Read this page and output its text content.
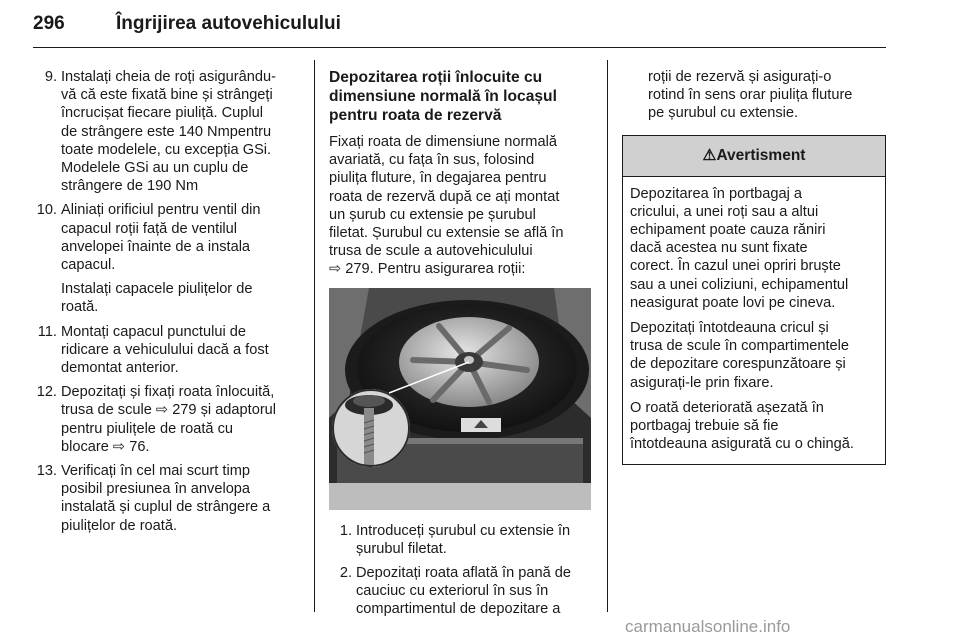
296	Îngrijirea autovehiculului
9. Instalați cheia de roți asigurându-
vă că este fixată bine și strângeți
încrucișat fiecare piuliță. Cuplul
de strângere este 140 Nmpentru
toate modelele, cu excepția GSi.
Modelele GSi au un cuplu de
strângere de 190 Nm
10. Aliniați orificiul pentru ventil din
capacul roții față de ventilul
anvelopei înainte de a instala
capacul.
Instalați capacele piulițelor de
roată.
11. Montați capacul punctului de
ridicare a vehiculului dacă a fost
demontat anterior.
12. Depozitați și fixați roata înlocuită,
trusa de scule ⇨ 279 și adaptorul
pentru piulițele de roată cu
blocare ⇨ 76.
13. Verificați în cel mai scurt timp
posibil presiunea în anvelopa
instalată și cuplul de strângere a
piulițelor de roată.
Depozitarea roții înlocuite cu
dimensiune normală în locașul
pentru roata de rezervă

Fixați roata de dimensiune normală
avariată, cu fața în sus, folosind
piulița fluture, în degajarea pentru
roata de rezervă după ce ați montat
un șurub cu extensie pe șurubul
filetat. Șurubul cu extensie se află în
trusa de scule a autovehiculului
⇨ 279. Pentru asigurarea roții:

1. Introduceți șurubul cu extensie în
șurubul filetat.
2. Depozitați roata aflată în pană de
cauciuc cu exteriorul în sus în
compartimentul de depozitare a

roții de rezervă și asigurați-o
rotind în sens orar piulița fluture
pe șurubul cu extensie.

⚠ Avertisment

Depozitarea în portbagaj a
cricului, a unei roți sau a altui
echipament poate cauza răniri
dacă acestea nu sunt fixate
corect. În cazul unei opriri bruște
sau a unei coliziuni, echipamentul
neasigurat poate lovi pe cineva.

Depozitați întotdeauna cricul și
trusa de scule în compartimentele
de depozitare corespunzătoare și
asigurați-le prin fixare.

O roată deteriorată așezată în
portbagaj trebuie să fie
întotdeauna asigurată cu o chingă.

carmanualsonline.info
